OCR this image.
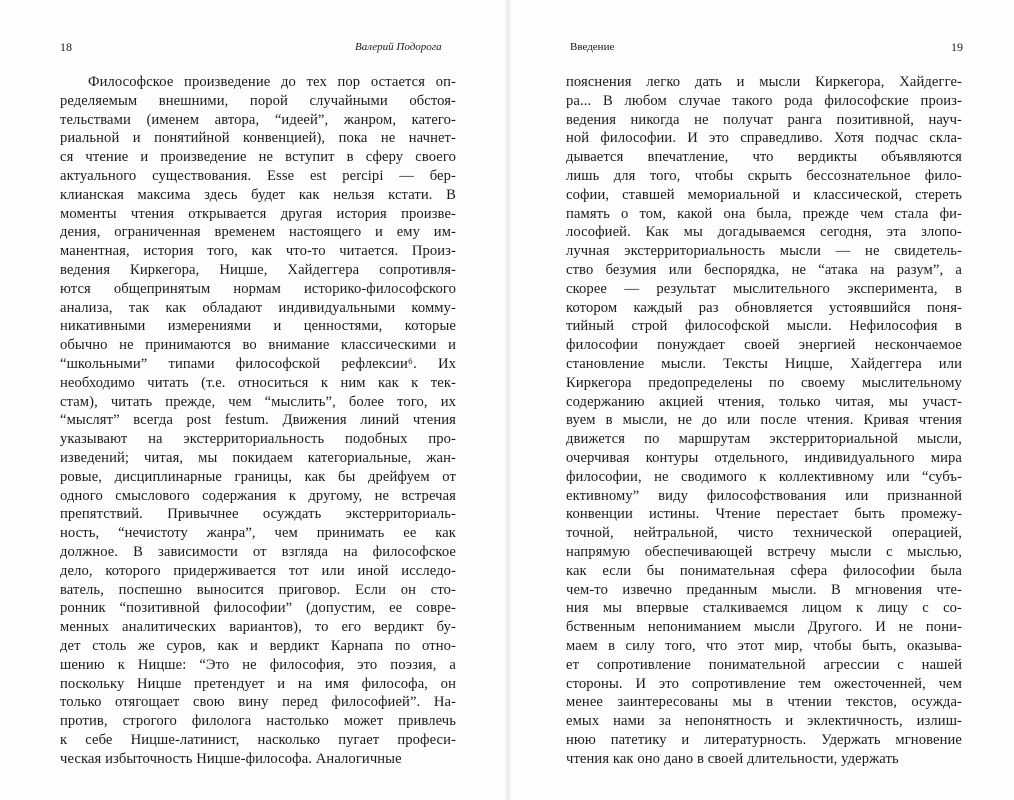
18	Валерий Подорога
Философское произведение до тех пор остается оп-
ределяемым внешними, порой случайными обстоя-
тельствами (именем автора, “идеей”, жанром, катего-
риальной и понятийной конвенцией), пока не начнет-
ся чтение и произведение не вступит в сферу своего
актуального существования. Esse est percipi — бер-
клианская максима здесь будет как нельзя кстати. В
моменты чтения открывается другая история произве-
дения, ограниченная временем настоящего и ему им-
манентная, история того, как что-то читается. Произ-
ведения Киркегора, Ницше, Хайдеггера сопротивля-
ются общепринятым нормам историко-философского
анализа, так как обладают индивидуальными комму-
никативными измерениями и ценностями, которые
обычно не принимаются во внимание классическими и
“школьными” типами философской рефлексии⁶. Их
необходимо читать (т.е. относиться к ним как к тек-
стам), читать прежде, чем “мыслить”, более того, их
“мыслят” всегда post festum. Движения линий чтения
указывают на экстерриториальность подобных про-
изведений; читая, мы покидаем категориальные, жан-
ровые, дисциплинарные границы, как бы дрейфуем от
одного смыслового содержания к другому, не встречая
препятствий. Привычнее осуждать экстерриториаль-
ность, “нечистоту жанра”, чем принимать ее как
должное. В зависимости от взгляда на философское
дело, которого придерживается тот или иной исследо-
ватель, поспешно выносится приговор. Если он сто-
ронник “позитивной философии” (допустим, ее совре-
менных аналитических вариантов), то его вердикт бу-
дет столь же суров, как и вердикт Карнапа по отно-
шению к Ницше: “Это не философия, это поэзия, а
поскольку Ницше претендует и на имя философа, он
только отягощает свою вину перед философией”. На-
против, строгого филолога настолько может привлечь
к себе Ницше-латинист, насколько пугает професи-
ческая избыточность Ницше-философа. Аналогичные
Введение	19
пояснения легко дать и мысли Киркегора, Хайдегге-
ра... В любом случае такого рода философские произ-
ведения никогда не получат ранга позитивной, науч-
ной философии. И это справедливо. Хотя подчас скла-
дывается впечатление, что вердикты объявляются
лишь для того, чтобы скрыть бессознательное фило-
софии, ставшей мемориальной и классической, стереть
память о том, какой она была, прежде чем стала фи-
лософией. Как мы догадываемся сегодня, эта злопо-
лучная экстерриториальность мысли — не свидетель-
ство безумия или беспорядка, не “атака на разум”, а
скорее — результат мыслительного эксперимента, в
котором каждый раз обновляется устоявшийся поня-
тийный строй философской мысли. Нефилософия в
философии понуждает своей энергией нескончаемое
становление мысли. Тексты Ницше, Хайдеггера или
Киркегора предопределены по своему мыслительному
содержанию акцией чтения, только читая, мы участ-
вуем в мысли, не до или после чтения. Кривая чтения
движется по маршрутам экстерриториальной мысли,
очерчивая контуры отдельного, индивидуального мира
философии, не сводимого к коллективному или “субъ-
ективному” виду философствования или признанной
конвенции истины. Чтение перестает быть промежу-
точной, нейтральной, чисто технической операцией,
напрямую обеспечивающей встречу мысли с мыслью,
как если бы понимательная сфера философии была
чем-то извечно преданным мысли. В мгновения чте-
ния мы впервые сталкиваемся лицом к лицу с со-
бственным непониманием мысли Другого. И не пони-
маем в силу того, что этот мир, чтобы быть, оказыва-
ет сопротивление понимательной агрессии с нашей
стороны. И это сопротивление тем ожесточенней, чем
менее заинтересованы мы в чтении текстов, осужда-
емых нами за непонятность и эклектичность, излиш-
нюю патетику и литературность. Удержать мгновение
чтения как оно дано в своей длительности, удержать
